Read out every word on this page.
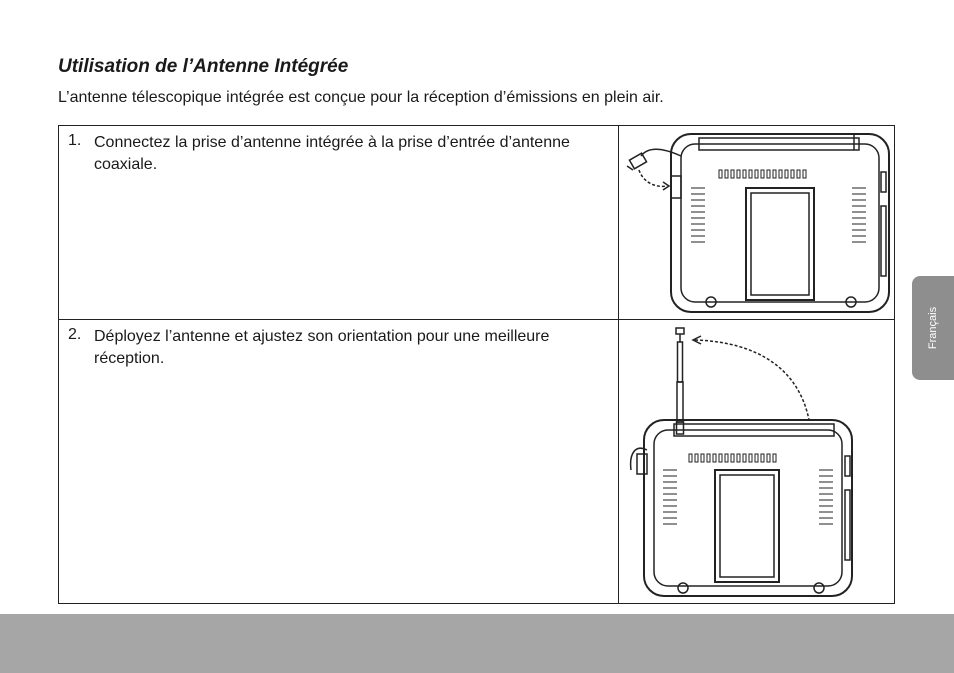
Utilisation de l’Antenne Intégrée

L’antenne télescopique intégrée est conçue pour la réception d’émissions en plein air.

1. Connectez la prise d’antenne intégrée à la prise d’entrée d’antenne coaxiale.
2. Déployez l’antenne et ajustez son orientation pour une meilleure réception.
Français
